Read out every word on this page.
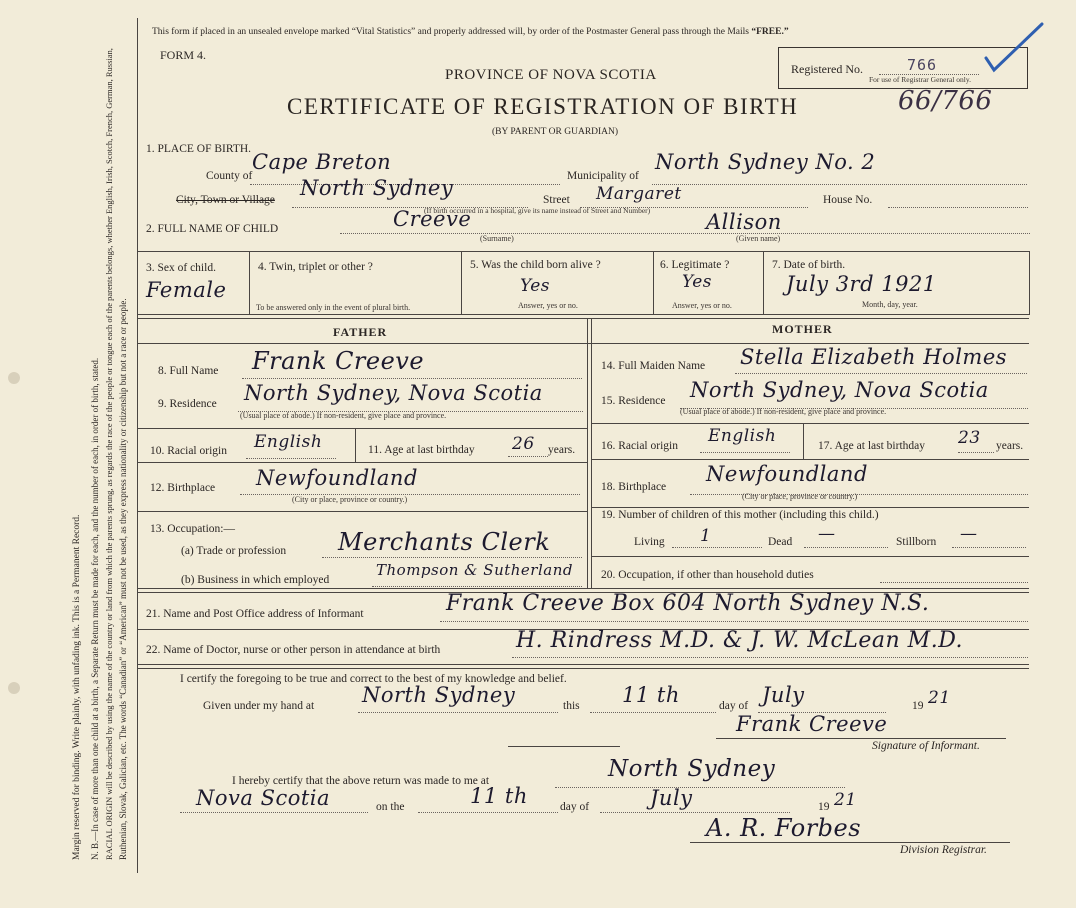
Margin reserved for binding. Write plainly, with unfading ink. This is a Permanent Record. N. B.—In case of more than one child at a birth, a Separate Return must be made for each, and the number of each, in order of birth, stated. RACIAL ORIGIN will be described by using the name of the country or land from which the parents sprung, as regards the race of the people or tongue each of the parents belongs, whether English, Irish, Scotch, French, German, Russian, Ruthenian, Slovak, Galician, etc. The words “Canadian” or “American” must not be used, as they express nationality or citizenship but not a race or people.
This form if placed in an unsealed envelope marked “Vital Statistics” and properly addressed will, by order of the Postmaster General pass through the Mails “FREE.”
FORM 4.
Registered No.	766
For use of Registrar General only.
PROVINCE OF NOVA SCOTIA
CERTIFICATE OF REGISTRATION OF BIRTH	66/766
(BY PARENT OR GUARDIAN)
1. PLACE OF BIRTH.
County of
Cape Breton
Municipality of
North Sydney No. 2
City, Town or Village North Sydney	Street Margaret	House No.
(If birth occurred in a hospital, give its name instead of Street and Number)
2. FULL NAME OF CHILD	Creeve
(Surname)
Allison
(Given name)
3. Sex of child.
Female
4. Twin, triplet or other ?
To be answered only in the event of plural birth.
5. Was the child born alive ?
Yes
Answer, yes or no.
6. Legitimate ?
Yes
Answer, yes or no.
7. Date of birth.
July 3rd 1921
Month, day, year.
FATHER	MOTHER
8. Full Name Frank Creeve
9. Residence North Sydney, Nova Scotia
(Usual place of abode.) If non-resident, give place and province.
10. Racial origin English	11. Age at last birthday 26 years.
12. Birthplace Newfoundland
(City or place, province or country.)
13. Occupation:—
(a) Trade or profession Merchants Clerk
(b) Business in which employed
Thompson & Sutherland
14. Full Maiden Name Stella Elizabeth Holmes
15. Residence North Sydney, Nova Scotia
(Usual place of abode.) If non-resident, give place and province.
16. Racial origin English	17. Age at last birthday 23 years.
18. Birthplace
Newfoundland
(City or place, province or country.)
19. Number of children of this mother (including this child.)
Living 1	Dead —	Stillborn —
20. Occupation, if other than household duties
21. Name and Post Office address of Informant	Frank Creeve Box 604 North Sydney N.S.
22. Name of Doctor, nurse or other person in attendance at birth	H. Rindress M.D. & J. W. McLean M.D.
I certify the foregoing to be true and correct to the best of my knowledge and belief.
Given under my hand at North Sydney	this 11 th	day of July	19 21
Frank Creeve
Signature of Informant.
I hereby certify that the above return was made to me at	North Sydney
Nova Scotia	on the	11 th	day of	July	19 21
A. R. Forbes
Division Registrar.
